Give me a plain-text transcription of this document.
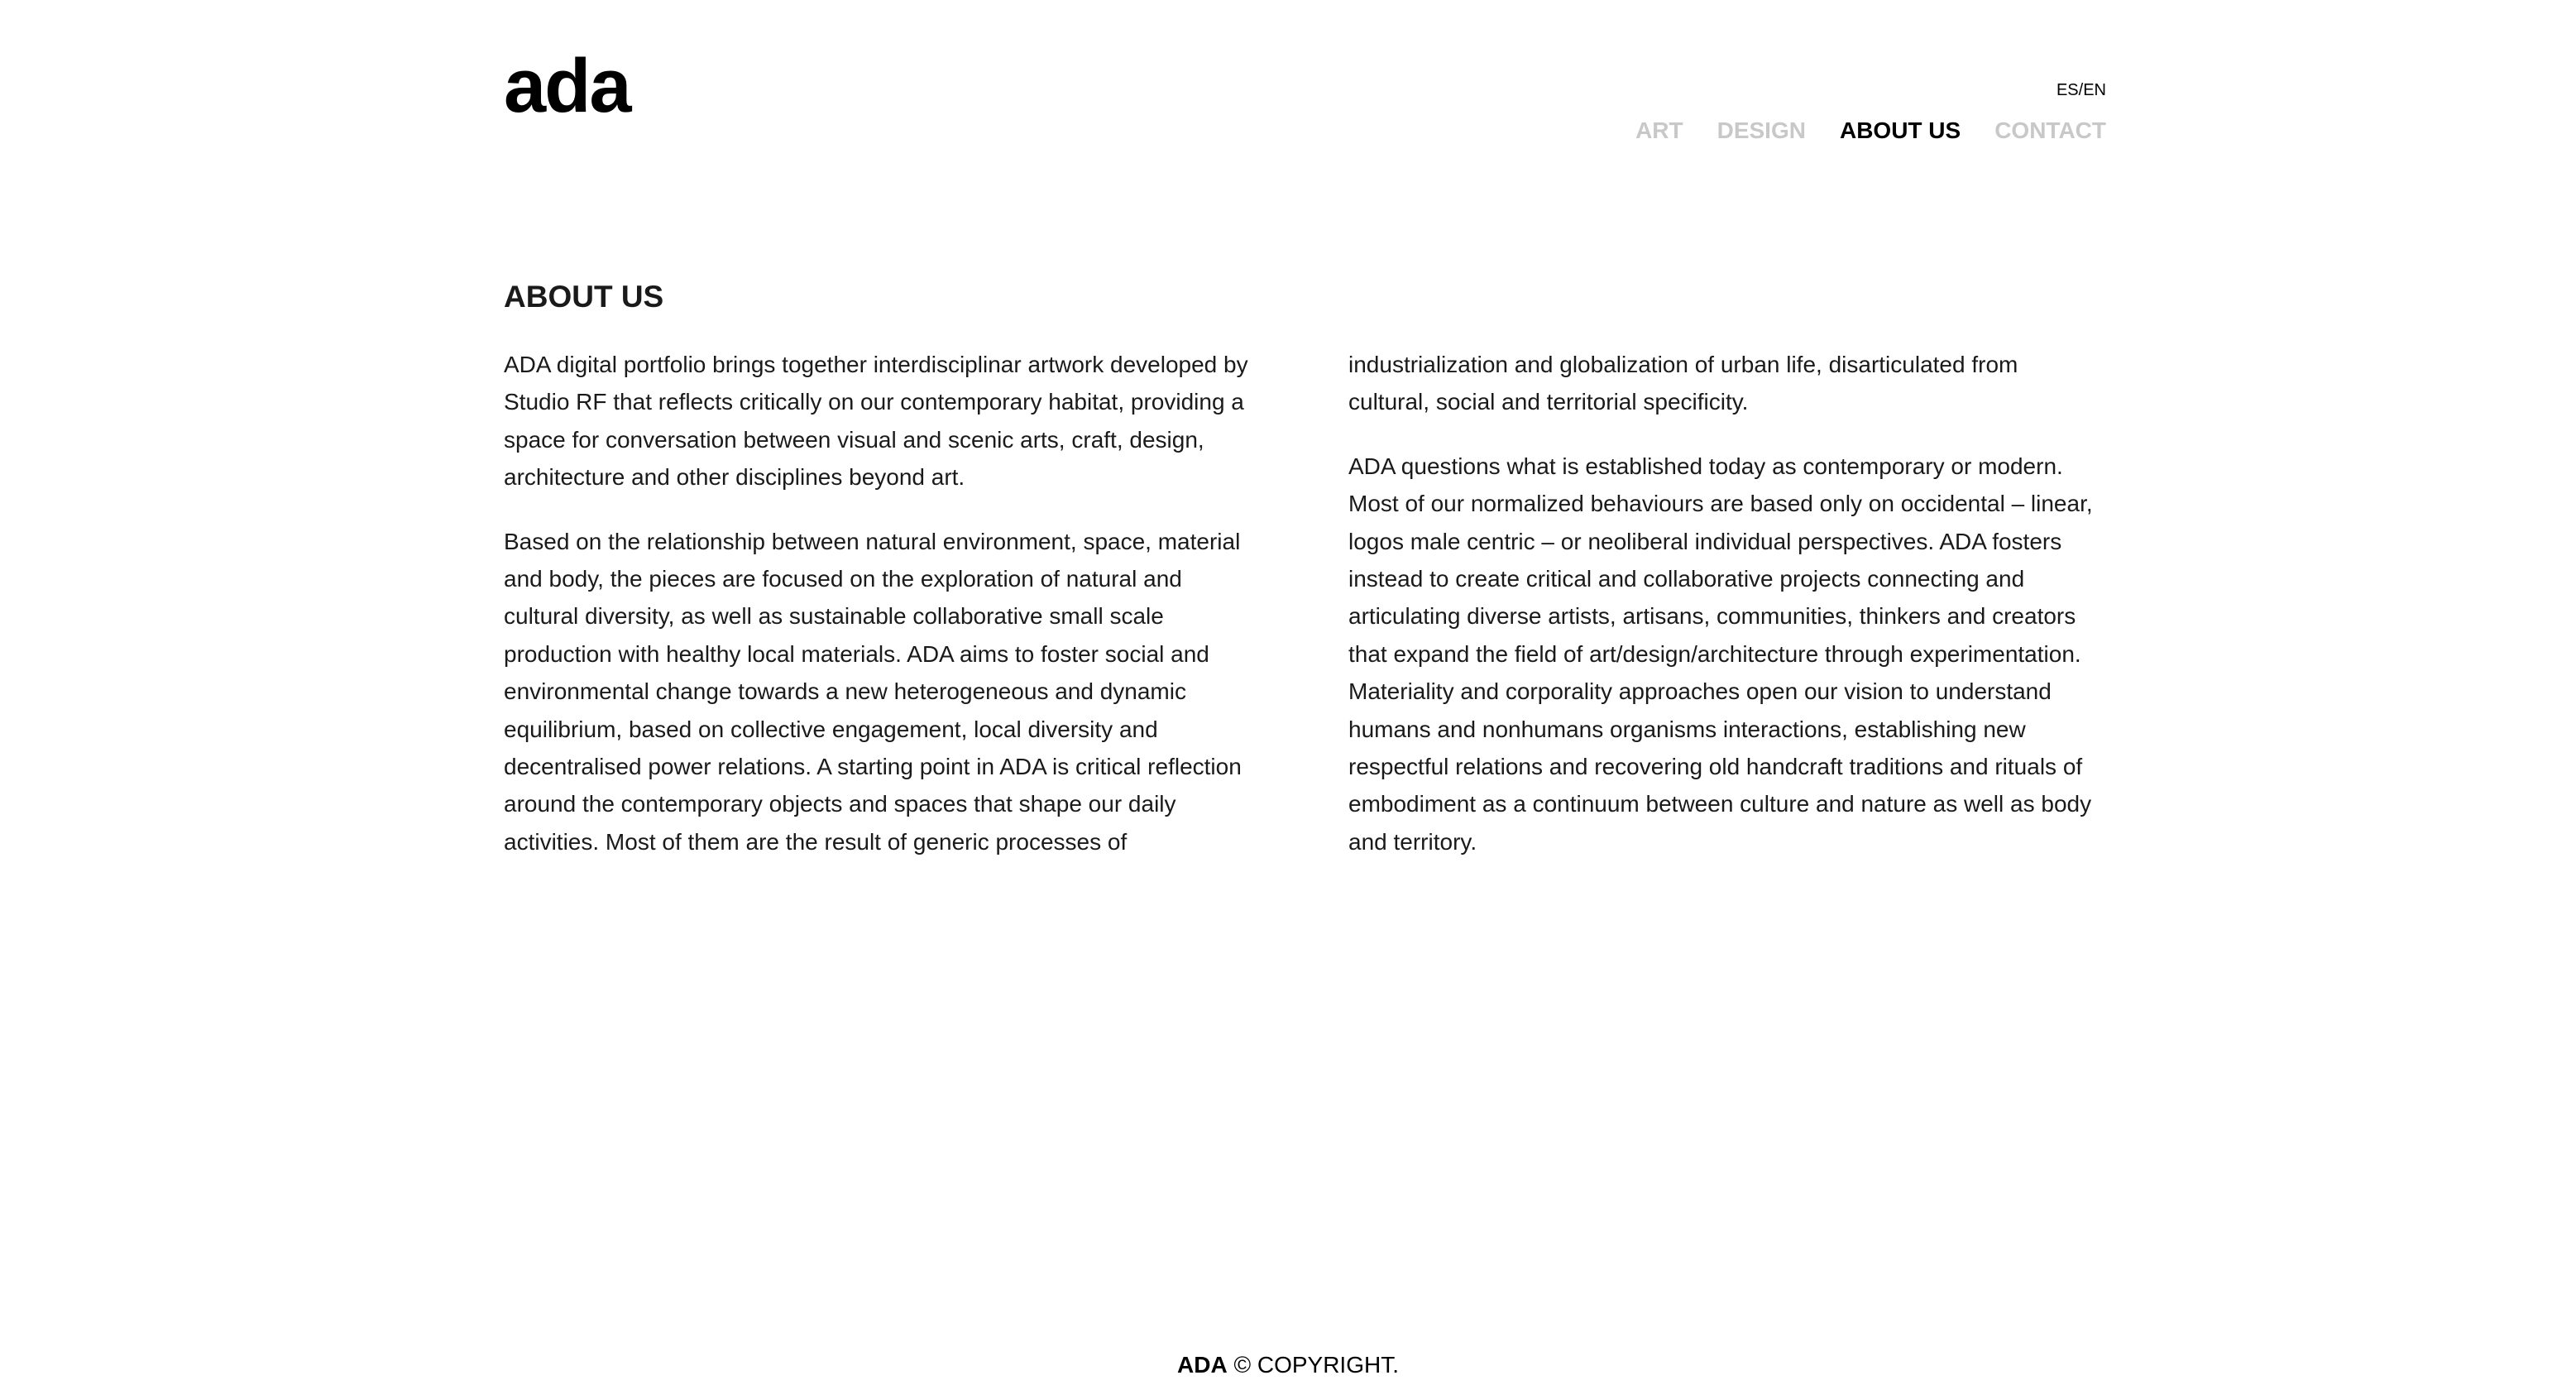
ada	ES/EN
ART DESIGN ABOUT US CONTACT
ABOUT US

ADA digital portfolio brings together interdisciplinar artwork developed by Studio RF that reflects critically on our contemporary habitat, providing a space for conversation between visual and scenic arts, craft, design, architecture and other disciplines beyond art.

Based on the relationship between natural environment, space, material and body, the pieces are focused on the exploration of natural and cultural diversity, as well as sustainable collaborative small scale production with healthy local materials. ADA aims to foster social and environmental change towards a new heterogeneous and dynamic equilibrium, based on collective engagement, local diversity and decentralised power relations. A starting point in ADA is critical reflection around the contemporary objects and spaces that shape our daily activities. Most of them are the result of generic processes of industrialization and globalization of urban life, disarticulated from cultural, social and territorial specificity.

ADA questions what is established today as contemporary or modern. Most of our normalized behaviours are based only on occidental – linear, logos male centric – or neoliberal individual perspectives. ADA fosters instead to create critical and collaborative projects connecting and articulating diverse artists, artisans, communities, thinkers and creators that expand the field of art/design/architecture through experimentation. Materiality and corporality approaches open our vision to understand humans and nonhumans organisms interactions, establishing new respectful relations and recovering old handcraft traditions and rituals of embodiment as a continuum between culture and nature as well as body and territory.

ADA © COPYRIGHT.
